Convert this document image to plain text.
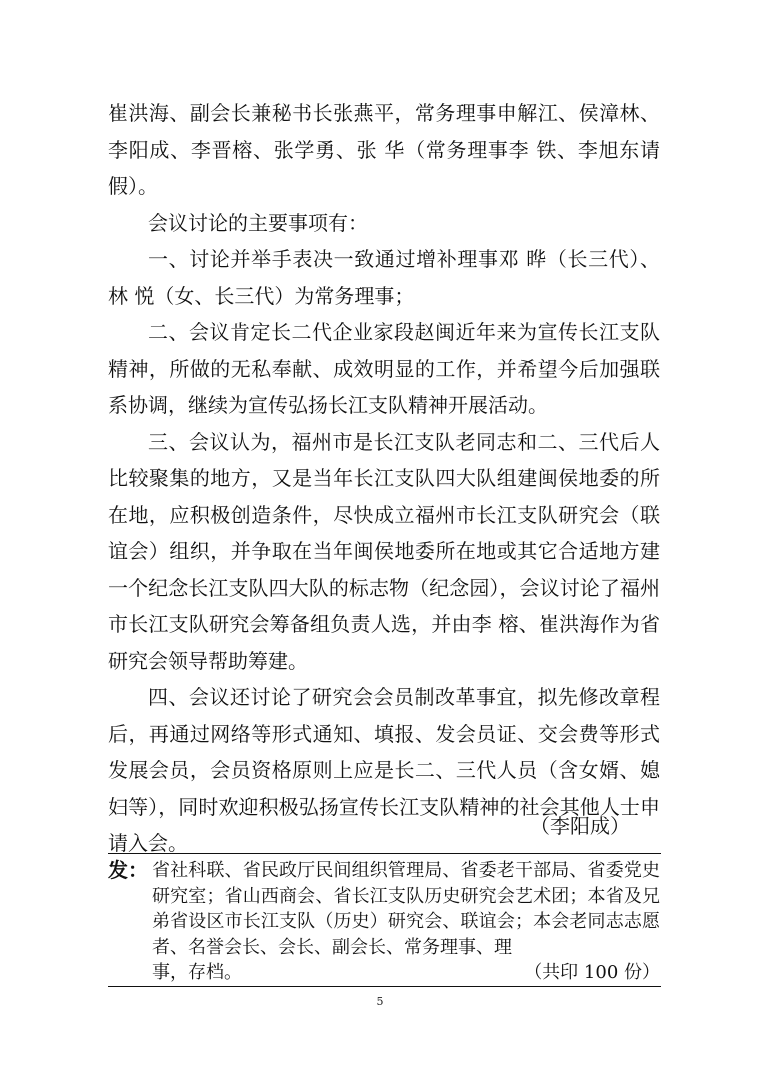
崔洪海、副会长兼秘书长张燕平，常务理事申解江、侯漳林、李阳成、李晋榕、张学勇、张 华（常务理事李 铁、李旭东请假）。

会议讨论的主要事项有：

一、讨论并举手表决一致通过增补理事邓 晔（长三代）、林 悦（女、长三代）为常务理事；

二、会议肯定长二代企业家段赵闽近年来为宣传长江支队精神，所做的无私奉献、成效明显的工作，并希望今后加强联系协调，继续为宣传弘扬长江支队精神开展活动。

三、会议认为，福州市是长江支队老同志和二、三代后人比较聚集的地方，又是当年长江支队四大队组建闽侯地委的所在地，应积极创造条件，尽快成立福州市长江支队研究会（联谊会）组织，并争取在当年闽侯地委所在地或其它合适地方建一个纪念长江支队四大队的标志物（纪念园），会议讨论了福州市长江支队研究会筹备组负责人选，并由李 榕、崔洪海作为省研究会领导帮助筹建。

四、会议还讨论了研究会会员制改革事宜，拟先修改章程后，再通过网络等形式通知、填报、发会员证、交会费等形式发展会员，会员资格原则上应是长二、三代人员（含女婿、媳妇等），同时欢迎积极弘扬宣传长江支队精神的社会其他人士申请入会。

（李阳成）

发： 省社科联、省民政厅民间组织管理局、省委老干部局、省委党史研究室；省山西商会、省长江支队历史研究会艺术团；本省及兄弟省设区市长江支队（历史）研究会、联谊会；本会老同志志愿者、名誉会长、会长、副会长、常务理事、理

事，存档。	（共印 100 份）
5
